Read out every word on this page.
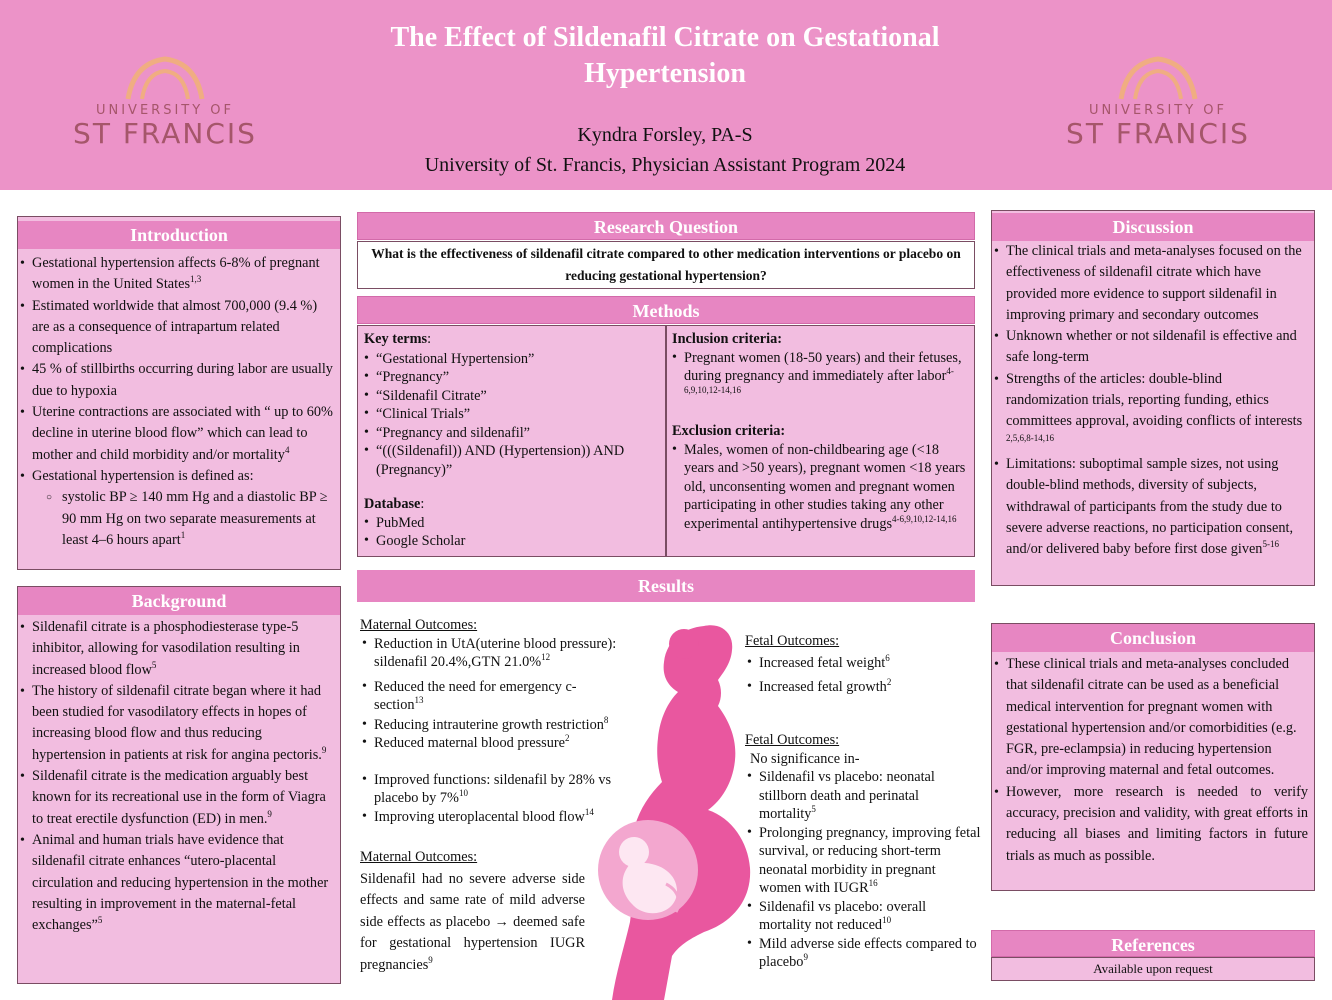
UNIVERSITY OF
ST FRANCIS
The Effect of Sildenafil Citrate on Gestational Hypertension
Kyndra Forsley, PA-S
University of St. Francis, Physician Assistant Program 2024
UNIVERSITY OF
ST FRANCIS
Introduction
• Gestational hypertension affects 6-8% of pregnant women in the United States$^{1,3}$
• Estimated worldwide that almost 700,000 (9.4 %) are as a consequence of intrapartum related complications
• 45 % of stillbirths occurring during labor are usually due to hypoxia
• Uterine contractions are associated with “ up to 60% decline in uterine blood flow” which can lead to mother and child morbidity and/or mortality$^4$
• Gestational hypertension is defined as:
○ systolic BP ≥ 140 mm Hg and a diastolic BP ≥ 90 mm Hg on two separate measurements at least 4–6 hours apart$^1$
Background
• Sildenafil citrate is a phosphodiesterase type-5 inhibitor, allowing for vasodilation resulting in increased blood flow$^5$
• The history of sildenafil citrate began where it had been studied for vasodilatory effects in hopes of increasing blood flow and thus reducing hypertension in patients at risk for angina pectoris.$^9$
• Sildenafil citrate is the medication arguably best known for its recreational use in the form of Viagra to treat erectile dysfunction (ED) in men.$^9$
• Animal and human trials have evidence that sildenafil citrate enhances “utero-placental circulation and reducing hypertension in the mother resulting in improvement in the maternal-fetal exchanges”$^5$
Research Question
What is the effectiveness of sildenafil citrate compared to other medication interventions or placebo on reducing gestational hypertension?
Methods
Key terms:
• “Gestational Hypertension”
• “Pregnancy”
• “Sildenafil Citrate”
• “Clinical Trials”
• “Pregnancy and sildenafil”
• “(((Sildenafil)) AND (Hypertension)) AND (Pregnancy)”
Database:
• PubMed
• Google Scholar
Inclusion criteria:
• Pregnant women (18-50 years) and their fetuses, during pregnancy and immediately after labor$^{4-6,9,10,12-14,16}$
Exclusion criteria:
• Males, women of non-childbearing age (<18 years and >50 years), pregnant women <18 years old, unconsenting women and pregnant women participating in other studies taking any other experimental antihypertensive drugs$^{4-6,9,10,12-14,16}$
Results
Maternal Outcomes:
• Reduction in UtA(uterine blood pressure): sildenafil 20.4%,GTN 21.0%$^{12}$
• Reduced the need for emergency c-section$^{13}$
• Reducing intrauterine growth restriction$^8$
• Reduced maternal blood pressure$^2$
• Improved functions: sildenafil by 28% vs placebo by 7%$^{10}$
• Improving uteroplacental blood flow$^{14}$
Maternal Outcomes:
Sildenafil had no severe adverse side effects and same rate of mild adverse side effects as placebo → deemed safe for gestational hypertension IUGR pregnancies$^9$
Fetal Outcomes:
• Increased fetal weight$^6$
• Increased fetal growth$^2$
Fetal Outcomes:
No significance in-
• Sildenafil vs placebo: neonatal stillborn death and perinatal mortality$^5$
• Prolonging pregnancy, improving fetal survival, or reducing short-term neonatal morbidity in pregnant women with IUGR$^{16}$
• Sildenafil vs placebo: overall mortality not reduced$^{10}$
• Mild adverse side effects compared to placebo$^9$
Discussion
• The clinical trials and meta-analyses focused on the effectiveness of sildenafil citrate which have provided more evidence to support sildenafil in improving primary and secondary outcomes
• Unknown whether or not sildenafil is effective and safe long-term
• Strengths of the articles: double-blind randomization trials, reporting funding, ethics committees approval, avoiding conflicts of interests $^{2,5,6,8-14,16}$
• Limitations: suboptimal sample sizes, not using double-blind methods, diversity of subjects, withdrawal of participants from the study due to severe adverse reactions, no participation consent, and/or delivered baby before first dose given$^{5-16}$
Conclusion
• These clinical trials and meta-analyses concluded that sildenafil citrate can be used as a beneficial medical intervention for pregnant women with gestational hypertension and/or comorbidities (e.g. FGR, pre-eclampsia) in reducing hypertension and/or improving maternal and fetal outcomes.
• However, more research is needed to verify accuracy, precision and validity, with great efforts in reducing all biases and limiting factors in future trials as much as possible.
References
Available upon request
